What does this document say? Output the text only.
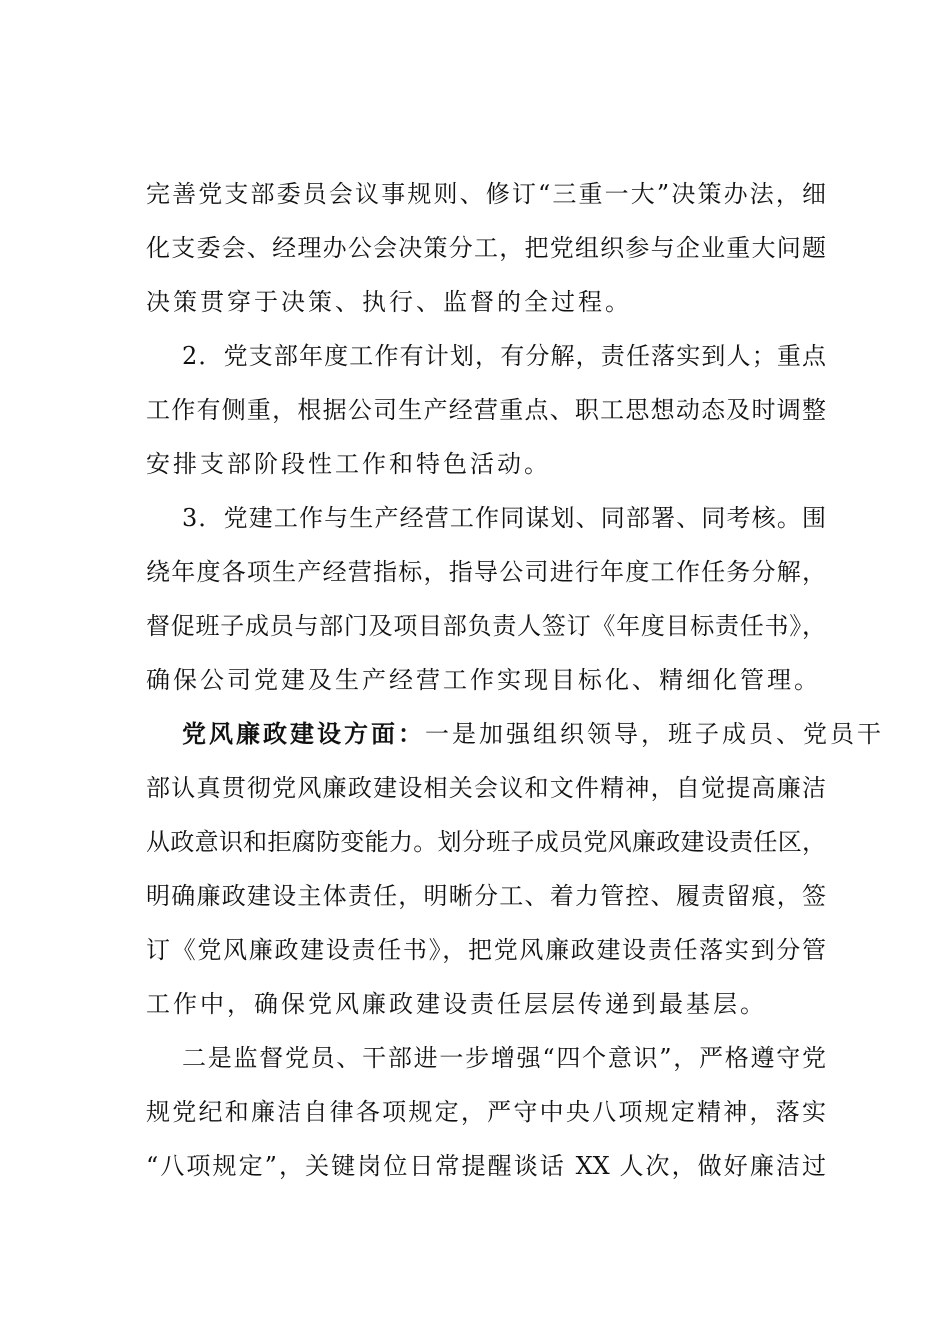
完善党支部委员会议事规则、修订“三重一大”决策办法，细
化支委会、经理办公会决策分工，把党组织参与企业重大问题
决策贯穿于决策、执行、监督的全过程。
2．党支部年度工作有计划，有分解，责任落实到人；重点
工作有侧重，根据公司生产经营重点、职工思想动态及时调整
安排支部阶段性工作和特色活动。
3．党建工作与生产经营工作同谋划、同部署、同考核。围
绕年度各项生产经营指标，指导公司进行年度工作任务分解，
督促班子成员与部门及项目部负责人签订《年度目标责任书》，
确保公司党建及生产经营工作实现目标化、精细化管理。
党风廉政建设方面：一是加强组织领导，班子成员、党员干
部认真贯彻党风廉政建设相关会议和文件精神，自觉提高廉洁
从政意识和拒腐防变能力。划分班子成员党风廉政建设责任区，
明确廉政建设主体责任，明晰分工、着力管控、履责留痕，签
订《党风廉政建设责任书》，把党风廉政建设责任落实到分管
工作中，确保党风廉政建设责任层层传递到最基层。
二是监督党员、干部进一步增强“四个意识”，严格遵守党
规党纪和廉洁自律各项规定，严守中央八项规定精神，落实
“八项规定”，关键岗位日常提醒谈话 XX 人次，做好廉洁过
